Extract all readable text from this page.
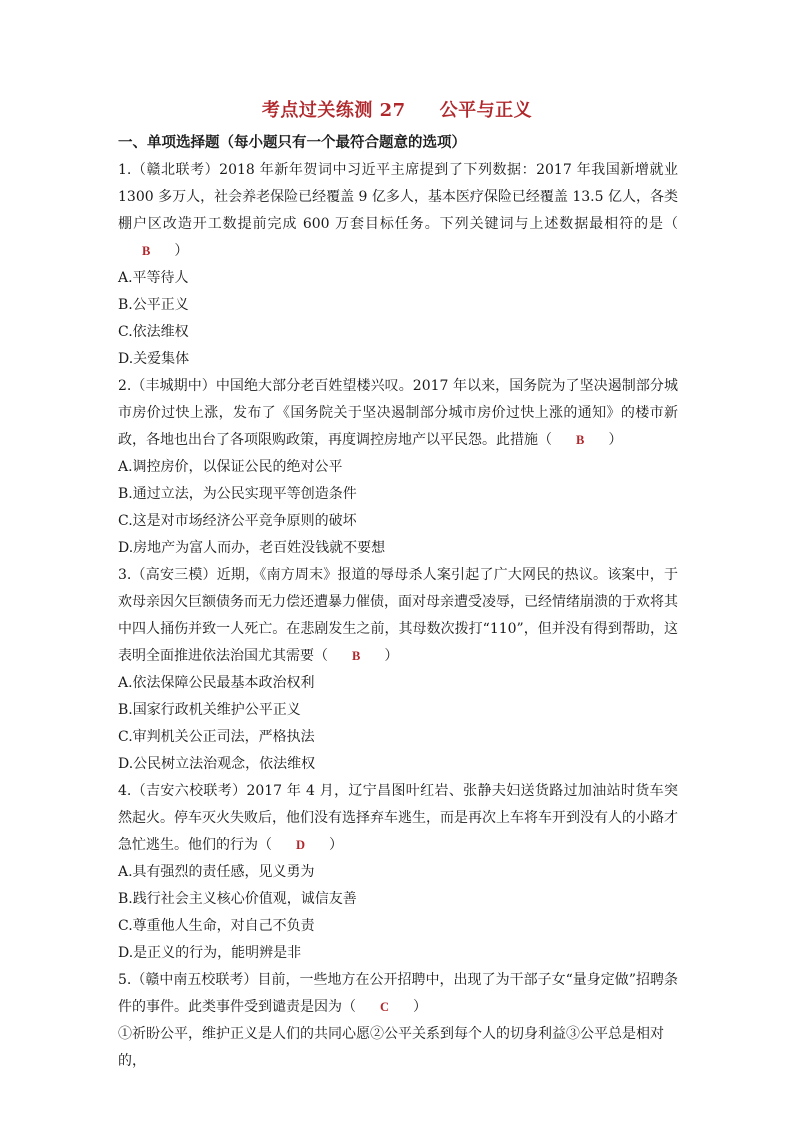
考点过关练测 27 公平与正义
一、单项选择题（每小题只有一个最符合题意的选项）
1.（赣北联考）2018 年新年贺词中习近平主席提到了下列数据：2017 年我国新增就业 1300 多万人，社会养老保险已经覆盖 9 亿多人，基本医疗保险已经覆盖 13.5 亿人，各类棚户区改造开工数提前完成 600 万套目标任务。下列关键词与上述数据最相符的是（B ）
A.平等待人
B.公平正义
C.依法维权
D.关爱集体
2.（丰城期中）中国绝大部分老百姓望楼兴叹。2017 年以来，国务院为了坚决遏制部分城市房价过快上涨，发布了《国务院关于坚决遏制部分城市房价过快上涨的通知》的楼市新政，各地也出台了各项限购政策，再度调控房地产以平民怨。此措施（ B ）
A.调控房价，以保证公民的绝对公平
B.通过立法，为公民实现平等创造条件
C.这是对市场经济公平竞争原则的破坏
D.房地产为富人而办，老百姓没钱就不要想
3.（高安三模）近期，《南方周末》报道的辱母杀人案引起了广大网民的热议。该案中，于欢母亲因欠巨额债务而无力偿还遭暴力催债，面对母亲遭受凌辱，已经情绪崩溃的于欢将其中四人捅伤并致一人死亡。在悲剧发生之前，其母数次拨打“110”，但并没有得到帮助，这表明全面推进依法治国尤其需要（ B ）
A.依法保障公民最基本政治权利
B.国家行政机关维护公平正义
C.审判机关公正司法，严格执法
D.公民树立法治观念，依法维权
4.（吉安六校联考）2017 年 4 月，辽宁昌图叶红岩、张静夫妇送货路过加油站时货车突然起火。停车灭火失败后，他们没有选择弃车逃生，而是再次上车将车开到没有人的小路才急忙逃生。他们的行为（ D ）
A.具有强烈的责任感，见义勇为
B.践行社会主义核心价值观，诚信友善
C.尊重他人生命，对自己不负责
D.是正义的行为，能明辨是非
5.（赣中南五校联考）目前，一些地方在公开招聘中，出现了为干部子女“量身定做”招聘条件的事件。此类事件受到谴责是因为（ C ）
①祈盼公平，维护正义是人们的共同心愿②公平关系到每个人的切身利益③公平总是相对的，
